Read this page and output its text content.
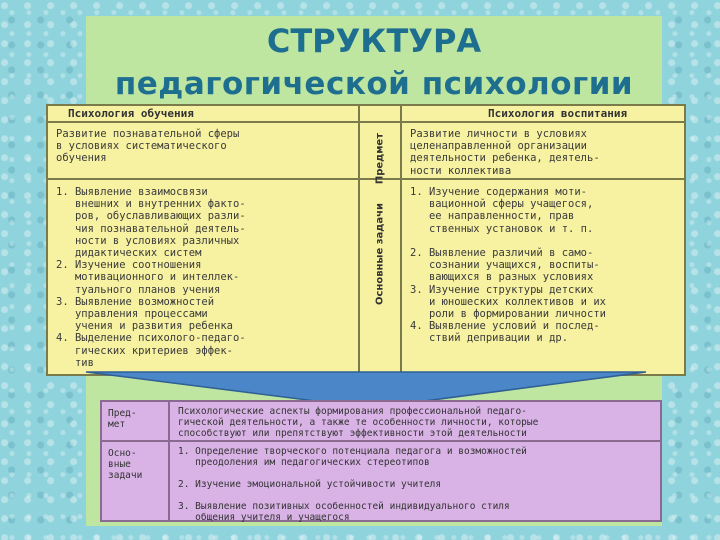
СТРУКТУРА
педагогической психологии
Психология обучения	Психология воспитания
Предмет
Основные задачи
Развитие познавательной сферы
в условиях систематического
обучения
Развитие личности в условиях
целенаправленной организации
деятельности ребенка, деятель-
ности коллектива
1. Выявление взаимосвязи
внешних и внутренних факто-
ров, обуславливающих разли-
чия познавательной деятель-
ности в условиях различных
дидактических систем
2. Изучение соотношения
мотивационного и интеллек-
туального планов учения
3. Выявление возможностей
управления процессами
учения и развития ребенка
4. Выделение психолого-педаго-
гических критериев эффек-
тив
1. Изучение содержания моти-
вационной сферы учащегося,
ее направленности, прав
ственных установок и т. п.

2. Выявление различий в само-
сознании учащихся, воспиты-
вающихся в разных условиях
3. Изучение структуры детских
и юношеских коллективов и их
роли в формировании личности
4. Выявление условий и послед-
ствий депривации и др.
Пред-
мет
Осно-
вные
задачи
Психологические аспекты формирования профессиональной педаго-
гической деятельности, а также те особенности личности, которые
способствуют или препятствуют эффективности этой деятельности
1. Определение творческого потенциала педагога и возможностей
преодоления им педагогических стереотипов

2. Изучение эмоциональной устойчивости учителя

3. Выявление позитивных особенностей индивидуального стиля
общения учителя и учащегося
